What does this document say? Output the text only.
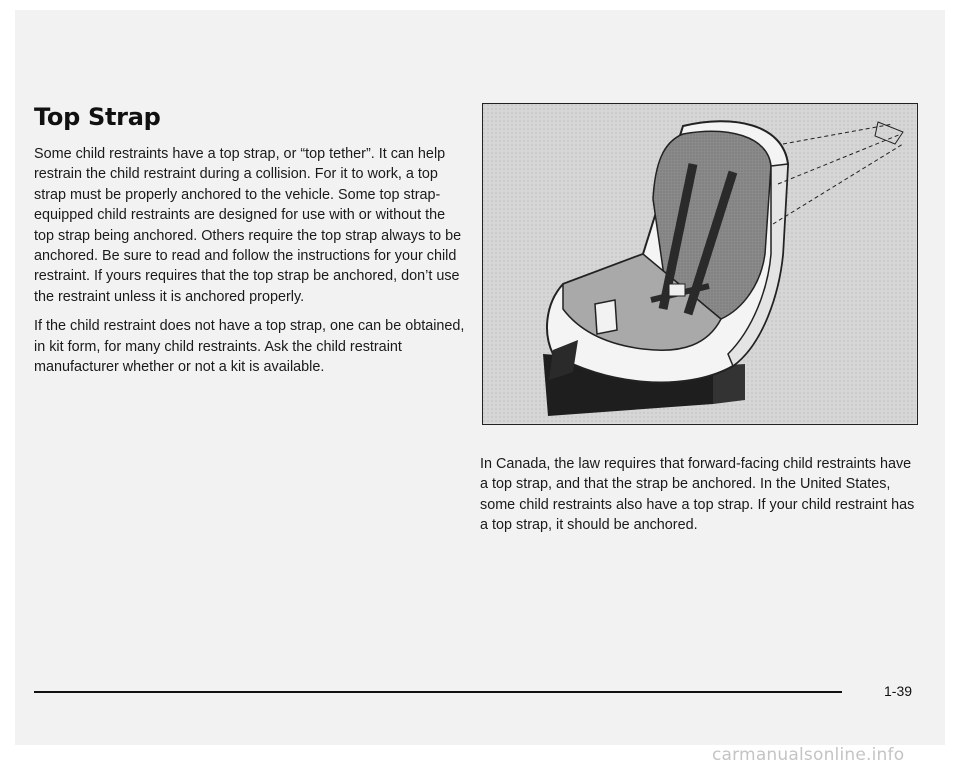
Top Strap

Some child restraints have a top strap, or “top tether”. It can help restrain the child restraint during a collision. For it to work, a top strap must be properly anchored to the vehicle. Some top strap-equipped child restraints are designed for use with or without the top strap being anchored. Others require the top strap always to be anchored. Be sure to read and follow the instructions for your child restraint. If yours requires that the top strap be anchored, don’t use the restraint unless it is anchored properly.

If the child restraint does not have a top strap, one can be obtained, in kit form, for many child restraints. Ask the child restraint manufacturer whether or not a kit is available.

In Canada, the law requires that forward-facing child restraints have a top strap, and that the strap be anchored. In the United States, some child restraints also have a top strap. If your child restraint has a top strap, it should be anchored.

1-39
carmanualsonline.info
